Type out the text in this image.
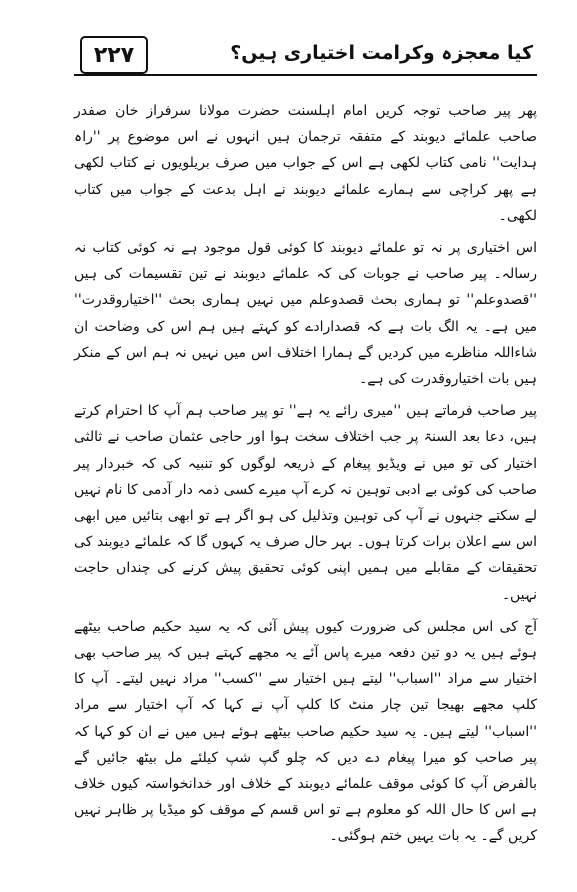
۲۲۷	کیا معجزہ وکرامت اختیاری ہیں؟

پھر پیر صاحب توجہ کریں امام اہلسنت حضرت مولانا سرفراز خان صفدر صاحب علمائے دیوبند کے متفقہ ترجمان ہیں انہوں نے اس موضوع پر ''راہ ہدایت'' نامی کتاب لکھی ہے اس کے جواب میں صرف بریلویوں نے کتاب لکھی ہے پھر کراچی سے ہمارے علمائے دیوبند نے اہل بدعت کے جواب میں کتاب لکھی۔

اس اختیاری پر نہ تو علمائے دیوبند کا کوئی قول موجود ہے نہ کوئی کتاب نہ رسالہ۔ پیر صاحب نے جوبات کی کہ علمائے دیوبند نے تین تقسیمات کی ہیں ''قصدوعلم'' تو ہماری بحث قصدوعلم میں نہیں ہماری بحث ''اختیاروقدرت'' میں ہے۔ یہ الگ بات ہے کہ قصدارادے کو کہتے ہیں ہم اس کی وضاحت ان شاءاللہ مناظرے میں کردیں گے ہمارا اختلاف اس میں نہیں نہ ہم اس کے منکر ہیں بات اختیاروقدرت کی ہے۔

پیر صاحب فرماتے ہیں ''میری رائے یہ ہے'' تو پیر صاحب ہم آپ کا احترام کرتے ہیں، دعا بعد السنۃ پر جب اختلاف سخت ہوا اور حاجی عثمان صاحب نے ثالثی اختیار کی تو میں نے ویڈیو پیغام کے ذریعہ لوگوں کو تنبیہ کی کہ خبردار پیر صاحب کی کوئی بے ادبی توہین نہ کرے آپ میرے کسی ذمہ دار آدمی کا نام نہیں لے سکتے جنہوں نے آپ کی توہین وتذلیل کی ہو اگر ہے تو ابھی بتائیں میں ابھی اس سے اعلان برات کرتا ہوں۔ بہر حال صرف یہ کہوں گا کہ علمائے دیوبند کی تحقیقات کے مقابلے میں ہمیں اپنی کوئی تحقیق پیش کرنے کی چنداں حاجت نہیں۔

آج کی اس مجلس کی ضرورت کیوں پیش آئی کہ یہ سید حکیم صاحب بیٹھے ہوئے ہیں یہ دو تین دفعہ میرے پاس آئے یہ مجھے کہتے ہیں کہ پیر صاحب بھی اختیار سے مراد ''اسباب'' لیتے ہیں اختیار سے ''کسب'' مراد نہیں لیتے۔ آپ کا کلپ مجھے بھیجا تین چار منٹ کا کلپ آپ نے کہا کہ آپ اختیار سے مراد ''اسباب'' لیتے ہیں۔ یہ سید حکیم صاحب بیٹھے ہوئے ہیں میں نے ان کو کہا کہ پیر صاحب کو میرا پیغام دے دیں کہ چلو گپ شپ کیلئے مل بیٹھ جائیں گے بالفرض آپ کا کوئی موقف علمائے دیوبند کے خلاف اور خدانخواستہ کیوں خلاف ہے اس کا حال اللہ کو معلوم ہے تو اس قسم کے موقف کو میڈیا پر ظاہر نہیں کریں گے۔ یہ بات یہیں ختم ہوگئی۔
